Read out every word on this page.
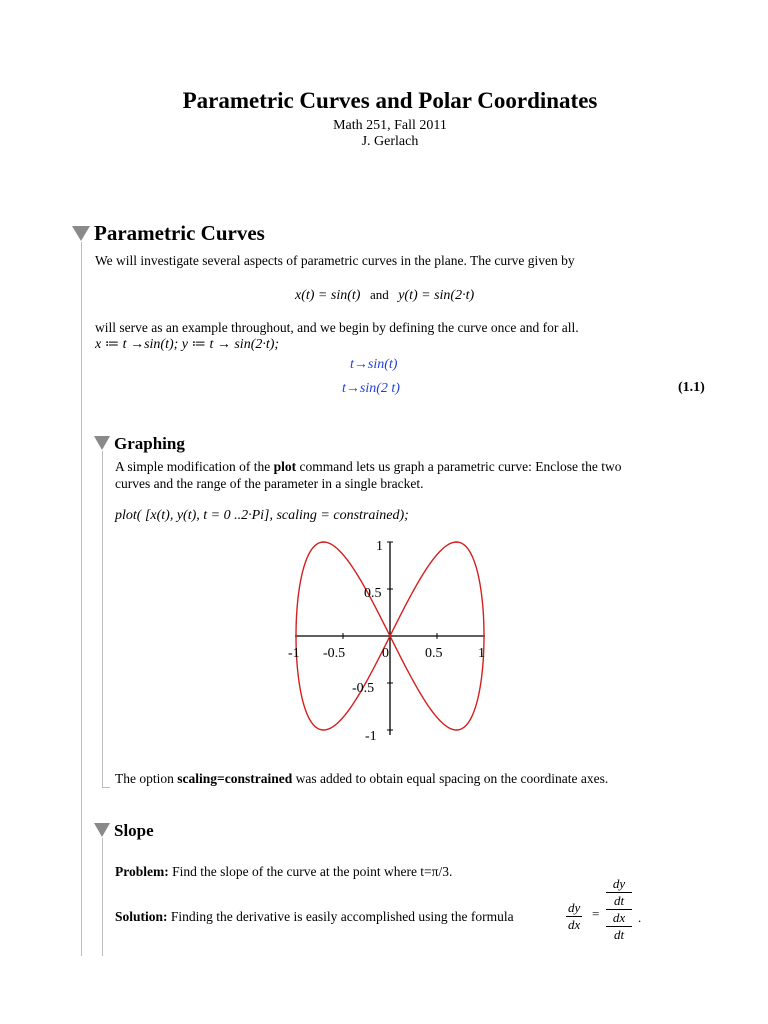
Parametric Curves and Polar Coordinates
Math 251, Fall 2011
J. Gerlach
Parametric Curves
We will investigate several aspects of parametric curves in the plane. The curve given by
x(t) = sin(t) and y(t) = sin(2·t)
will serve as an example throughout, and we begin by defining the curve once and for all.
x ≔ t →sin(t); y ≔ t → sin(2·t);
t→sin(t)
t→sin(2 t)	(1.1)
Graphing
A simple modification of the plot command lets us graph a parametric curve: Enclose the two
curves and the range of the parameter in a single bracket.
plot( [x(t), y(t), t = 0 ..2·Pi], scaling = constrained);
-1 -0.5	0	0.5	1
1
0.5
-0.5
-1
The option scaling=constrained was added to obtain equal spacing on the coordinate axes.
Slope
Problem: Find the slope of the curve at the point where t=π/3.
Solution: Finding the derivative is easily accomplished using the formula	$\frac{dy}{dx}$ = dy
dt
dx
dt .
